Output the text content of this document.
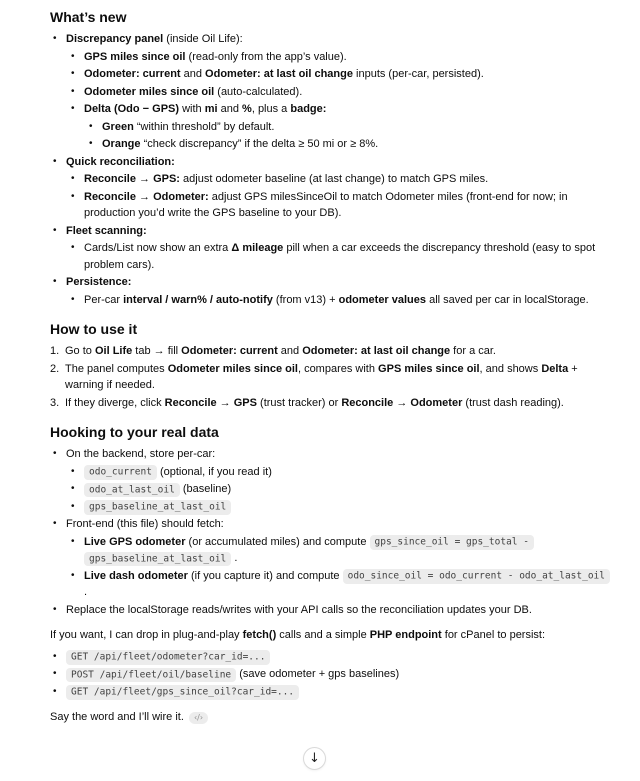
What’s new
• Discrepancy panel (inside Oil Life):
• GPS miles since oil (read-only from the app’s value).
• Odometer: current and Odometer: at last oil change inputs (per-car, persisted).
• Odometer miles since oil (auto-calculated).
• Delta (Odo − GPS) with mi and %, plus a badge:
• Green “within threshold” by default.
• Orange “check discrepancy” if the delta ≥ 50 mi or ≥ 8%.
• Quick reconciliation:
• Reconcile → GPS: adjust odometer baseline (at last change) to match GPS miles.
• Reconcile → Odometer: adjust GPS milesSinceOil to match Odometer miles (front-end for now; in production you’d write the GPS baseline to your DB).
• Fleet scanning:
• Cards/List now show an extra Δ mileage pill when a car exceeds the discrepancy threshold (easy to spot problem cars).
• Persistence:
• Per-car interval / warn% / auto-notify (from v13) + odometer values all saved per car in localStorage.
How to use it
Go to Oil Life tab → fill Odometer: current and Odometer: at last oil change for a car.
The panel computes Odometer miles since oil, compares with GPS miles since oil, and shows Delta + warning if needed.
If they diverge, click Reconcile → GPS (trust tracker) or Reconcile → Odometer (trust dash reading).
Hooking to your real data
• On the backend, store per-car:
• odo_current (optional, if you read it)
• odo_at_last_oil (baseline)
• gps_baseline_at_last_oil
• Front-end (this file) should fetch:
• Live GPS odometer (or accumulated miles) and compute gps_since_oil = gps_total - gps_baseline_at_last_oil .
• Live dash odometer (if you capture it) and compute odo_since_oil = odo_current - odo_at_last_oil .
• Replace the localStorage reads/writes with your API calls so the reconciliation updates your DB.

If you want, I can drop in plug-and-play fetch() calls and a simple PHP endpoint for cPanel to persist:

• GET /api/fleet/odometer?car_id=...
• POST /api/fleet/oil/baseline (save odometer + gps baselines)
• GET /api/fleet/gps_since_oil?car_id=...

Say the word and I’ll wire it. ‹/›

↓
